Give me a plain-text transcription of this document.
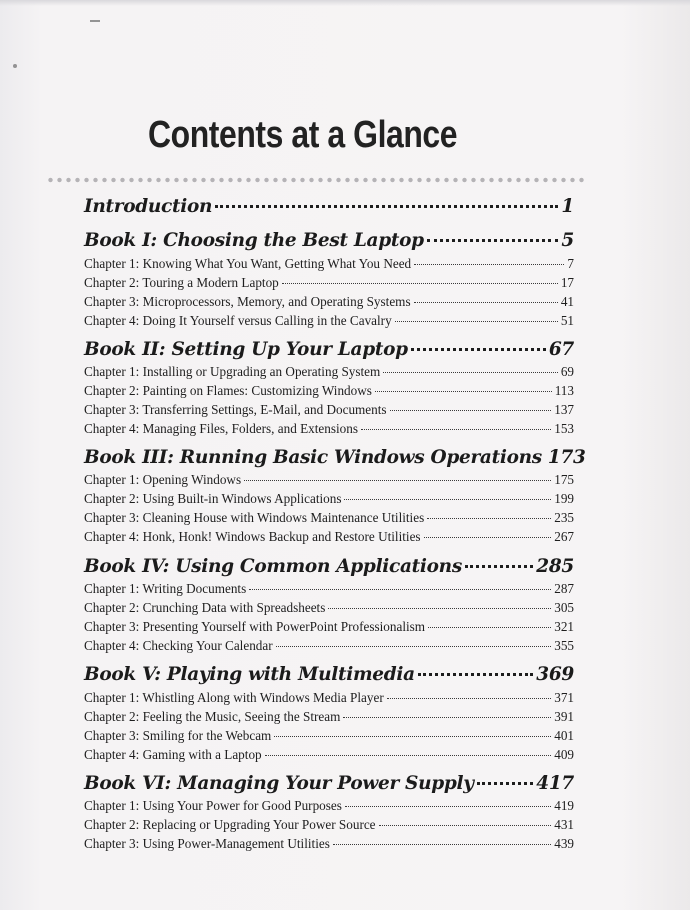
Contents at a Glance
Introduction	1
Book I: Choosing the Best Laptop	5
Chapter 1: Knowing What You Want, Getting What You Need	7
Chapter 2: Touring a Modern Laptop	17
Chapter 3: Microprocessors, Memory, and Operating Systems	41
Chapter 4: Doing It Yourself versus Calling in the Cavalry	51
Book II: Setting Up Your Laptop	67
Chapter 1: Installing or Upgrading an Operating System	69
Chapter 2: Painting on Flames: Customizing Windows	113
Chapter 3: Transferring Settings, E-Mail, and Documents	137
Chapter 4: Managing Files, Folders, and Extensions	153
Book III: Running Basic Windows Operations 173
Chapter 1: Opening Windows	175
Chapter 2: Using Built-in Windows Applications	199
Chapter 3: Cleaning House with Windows Maintenance Utilities	235
Chapter 4: Honk, Honk! Windows Backup and Restore Utilities	267
Book IV: Using Common Applications	285
Chapter 1: Writing Documents	287
Chapter 2: Crunching Data with Spreadsheets	305
Chapter 3: Presenting Yourself with PowerPoint Professionalism	321
Chapter 4: Checking Your Calendar	355
Book V: Playing with Multimedia	369
Chapter 1: Whistling Along with Windows Media Player	371
Chapter 2: Feeling the Music, Seeing the Stream	391
Chapter 3: Smiling for the Webcam	401
Chapter 4: Gaming with a Laptop	409
Book VI: Managing Your Power Supply	417
Chapter 1: Using Your Power for Good Purposes	419
Chapter 2: Replacing or Upgrading Your Power Source	431
Chapter 3: Using Power-Management Utilities	439
